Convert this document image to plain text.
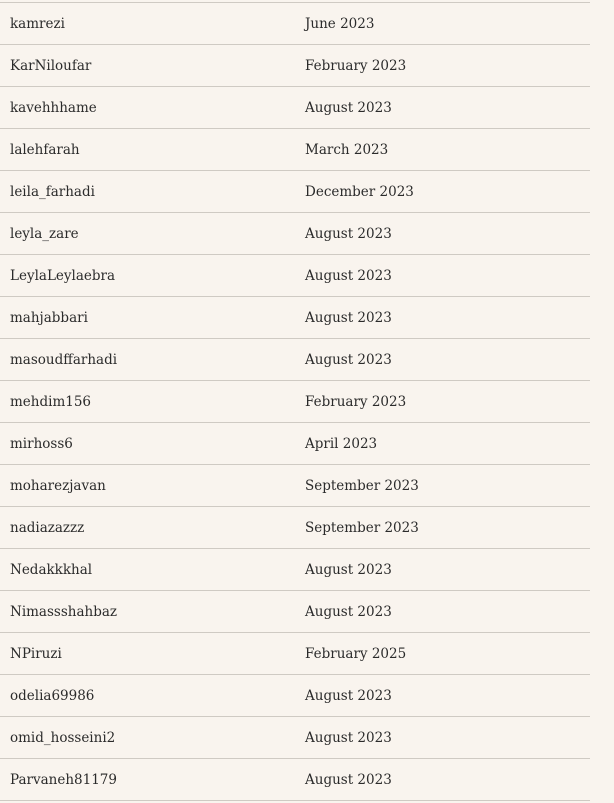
kamrezi	June 2023
KarNiloufar	February 2023
kavehhhame	August 2023
lalehfarah	March 2023
leila_farhadi	December 2023
leyla_zare	August 2023
LeylaLeylaebra	August 2023
mahjabbari	August 2023
masoudffarhadi	August 2023
mehdim156	February 2023
mirhoss6	April 2023
moharezjavan	September 2023
nadiazazzz	September 2023
Nedakkkhal	August 2023
Nimassshahbaz	August 2023
NPiruzi	February 2025
odelia69986	August 2023
omid_hosseini2	August 2023
Parvaneh81179	August 2023
